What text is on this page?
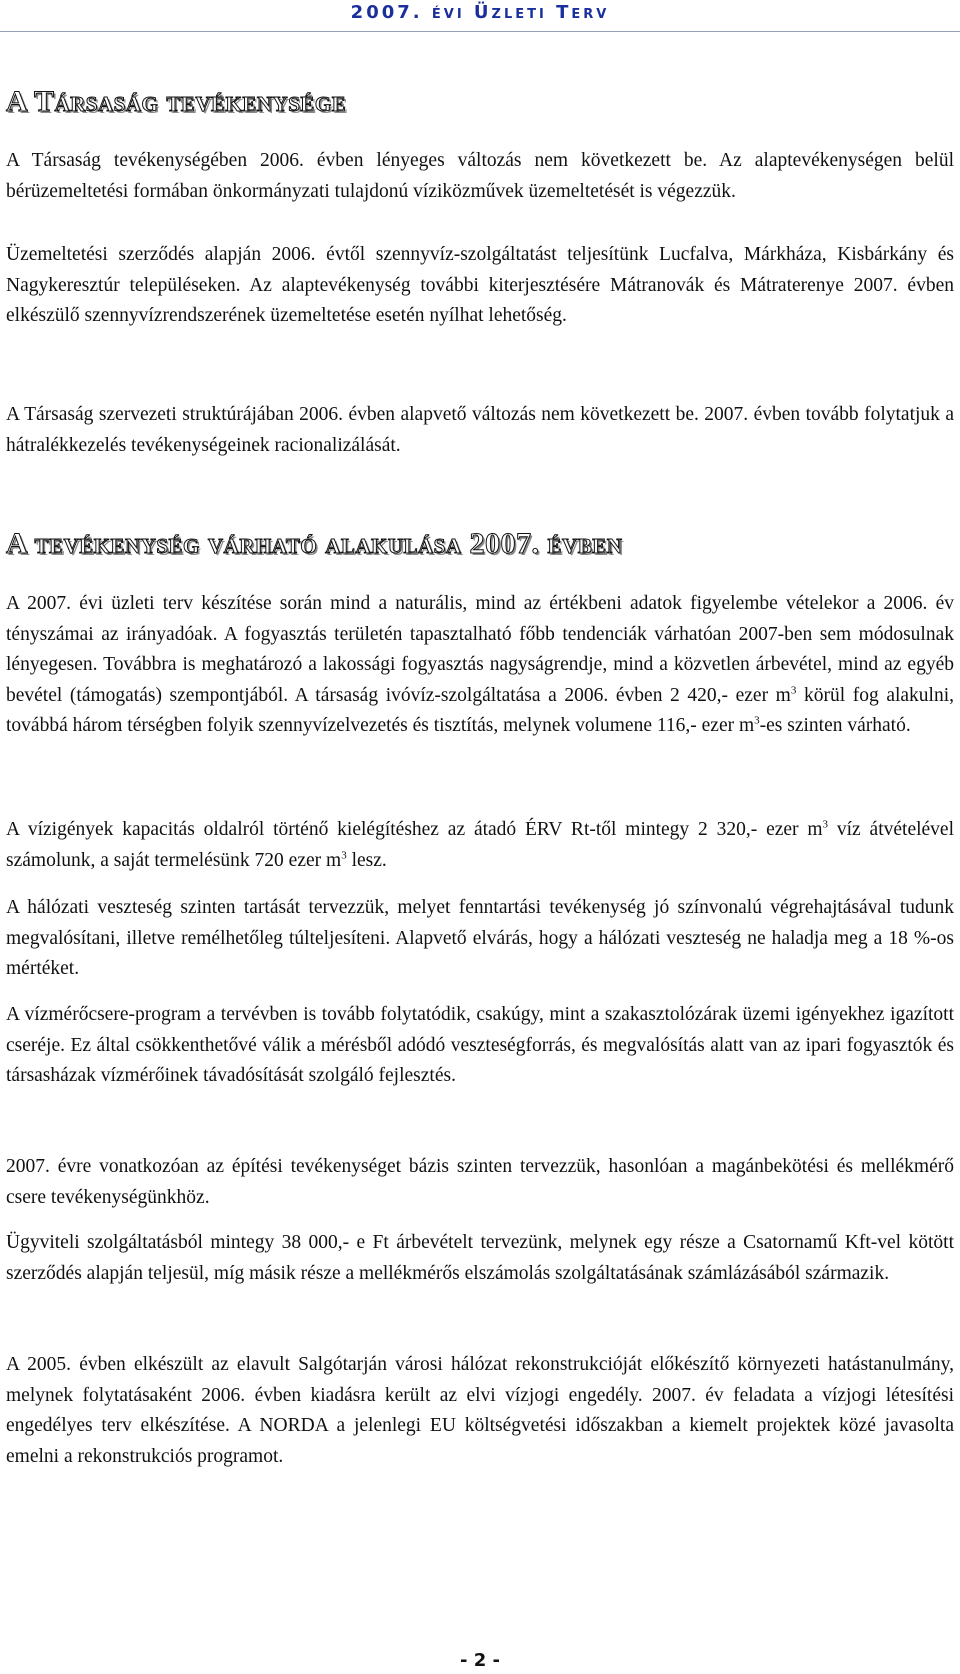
2007. évi Üzleti Terv
A Társaság tevékenysége

A Társaság tevékenységében 2006. évben lényeges változás nem következett be. Az alaptevékenységen belül bérüzemeltetési formában önkormányzati tulajdonú víziközművek üzemeltetését is végezzük.

Üzemeltetési szerződés alapján 2006. évtől szennyvíz-szolgáltatást teljesítünk Lucfalva, Márkháza, Kisbárkány és Nagykeresztúr településeken. Az alaptevékenység további kiterjesztésére Mátranovák és Mátraterenye 2007. évben elkészülő szennyvízrendszerének üzemeltetése esetén nyílhat lehetőség.

A Társaság szervezeti struktúrájában 2006. évben alapvető változás nem következett be. 2007. évben tovább folytatjuk a hátralékkezelés tevékenységeinek racionalizálását.

A tevékenység várható alakulása 2007. évben

A 2007. évi üzleti terv készítése során mind a naturális, mind az értékbeni adatok figyelembe vételekor a 2006. év tényszámai az irányadóak. A fogyasztás területén tapasztalható főbb tendenciák várhatóan 2007-ben sem módosulnak lényegesen. Továbbra is meghatározó a lakossági fogyasztás nagyságrendje, mind a közvetlen árbevétel, mind az egyéb bevétel (támogatás) szempontjából. A társaság ivóvíz-szolgáltatása a 2006. évben 2 420,- ezer $m^3$ körül fog alakulni, továbbá három térségben folyik szennyvízelvezetés és tisztítás, melynek volumene 116,- ezer $m^3-es$ szinten várható.

A vízigények kapacitás oldalról történő kielégítéshez az átadó ÉRV Rt-től mintegy 2 320,- ezer $m^3$ víz átvételével számolunk, a saját termelésünk 720 ezer $m^3$ lesz.

A hálózati veszteség szinten tartását tervezzük, melyet fenntartási tevékenység jó színvonalú végrehajtásával tudunk megvalósítani, illetve remélhetőleg túlteljesíteni. Alapvető elvárás, hogy a hálózati veszteség ne haladja meg a 18 %-os mértéket.

A vízmérőcsere-program a tervévben is tovább folytatódik, csakúgy, mint a szakasztolózárak üzemi igényekhez igazított cseréje. Ez által csökkenthetővé válik a mérésből adódó veszteségforrás, és megvalósítás alatt van az ipari fogyasztók és társasházak vízmérőinek távadósítását szolgáló fejlesztés.

2007. évre vonatkozóan az építési tevékenységet bázis szinten tervezzük, hasonlóan a magánbekötési és mellékmérő csere tevékenységünkhöz.

Ügyviteli szolgáltatásból mintegy 38 000,- e Ft árbevételt tervezünk, melynek egy része a Csatornamű Kft-vel kötött szerződés alapján teljesül, míg másik része a mellékmérős elszámolás szolgáltatásának számlázásából származik.

A 2005. évben elkészült az elavult Salgótarján városi hálózat rekonstrukcióját előkészítő környezeti hatástanulmány, melynek folytatásaként 2006. évben kiadásra került az elvi vízjogi engedély. 2007. év feladata a vízjogi létesítési engedélyes terv elkészítése. A NORDA a jelenlegi EU költségvetési időszakban a kiemelt projektek közé javasolta emelni a rekonstrukciós programot.

- 2 -
